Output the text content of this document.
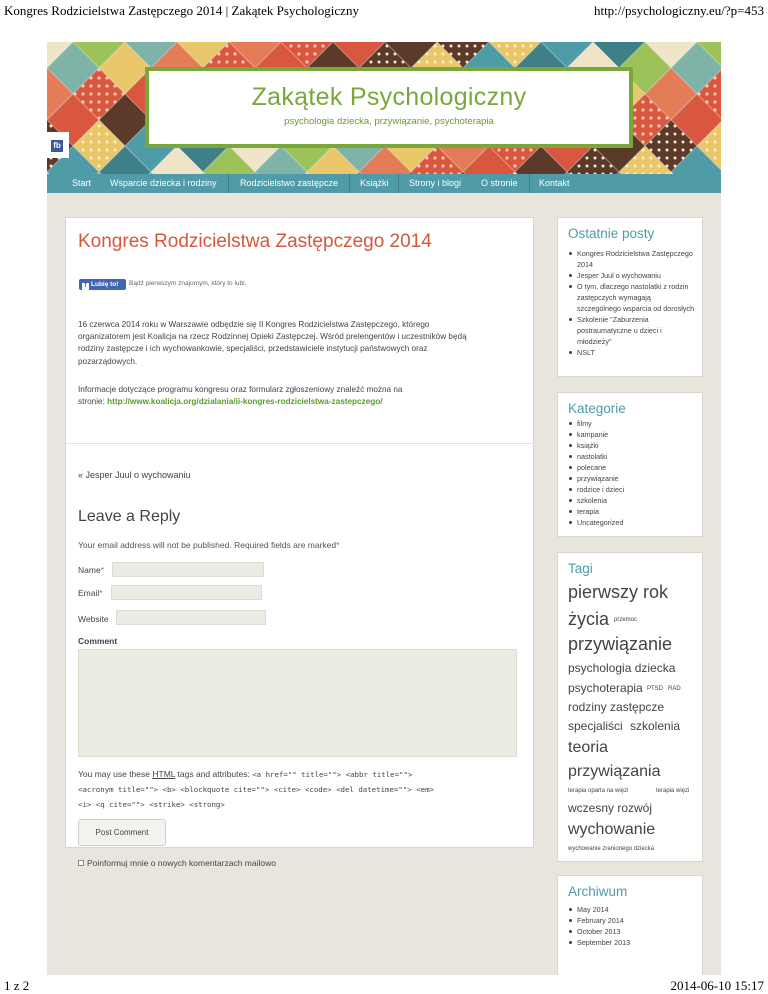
Kongres Rodzicielstwa Zastępczego 2014 | Zakątek Psychologiczny	http://psychologiczny.eu/?p=453
Zakątek Psychologiczny
psychologia dziecka, przywiązanie, psychoterapia
fb
Start Wsparcie dziecka i rodziny	Rodzicielstwo zastępcze Książki Strony i blogi O stronie Kontakt
Kongres Rodzicielstwa Zastępczego 2014
f Lubię to!	Bądź pierwszym znajomym, który to lubi.
16 czerwca 2014 roku w Warszawie odbędzie się II Kongres Rodzicielstwa Zastępczego, którego
organizatorem jest Koalicja na rzecz Rodzinnej Opieki Zastępczej. Wśród prelengentów i uczestników będą
rodziny zastępcze i ich wychowankowie, specjaliści, przedstawiciele instytucji państwowych oraz
pozarządowych.
Informacje dotyczące programu kongresu oraz formularz zgłoszeniowy znaleźć można na
stronie: http://www.koalicja.org/dzialania/ii-kongres-rodzicielstwa-zastepczego/
« Jesper Juul o wychowaniu
Leave a Reply
Your email address will not be published. Required fields are marked*
Name*
Email*
Website
Comment
You may use these HTML tags and attributes: <a href="" title=""> <abbr title="">
<acronym title=""> <b> <blockquote cite=""> <cite> <code> <del datetime=""> <em>
<i> <q cite=""> <strike> <strong>
Post Comment
Poinformuj mnie o nowych komentarzach mailowo
Ostatnie posty
Kongres Rodzicielstwa Zastępczego 2014
Jesper Juul o wychowaniu
O tym, dlaczego nastolatki z rodzin zastępczych wymagają szczególnego wsparcia od dorosłych
Szkolenie "Zaburzenia postraumatyczne u dzieci i młodzieży"
NSLT
Kategorie
filmy
kampanie
książki
nastolatki
polecane
przywiązanie
rodzice i dzieci
szkolenia
terapia
Uncategorized
Tagi
pierwszy rok
życia przemoc
przywiązanie
psychologia dziecka
psychoterapia PTSD RAD
rodziny zastępcze
specjaliści szkolenia
teoria
przywiązania
terapia oparta na więzi	terapia więzi
wczesny rozwój
wychowanie
wychowanie zranionego dziecka
Archiwum
May 2014
February 2014
October 2013
September 2013
1 z 2	2014-06-10 15:17
